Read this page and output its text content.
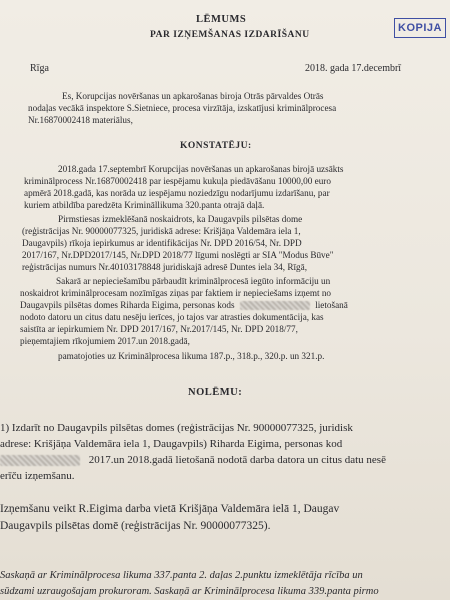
LĒMUMS
PAR IZŅEMŠANAS IZDARĪŠANU
KOPIJA
Rīga	2018. gada 17.decembrī
Es, Korupcijas novēršanas un apkarošanas biroja Otrās pārvaldes Otrās
nodaļas vecākā inspektore S.Sietniece, procesa virzītāja, izskatījusi kriminālprocesa
Nr.16870002418 materiālus,
KONSTATĒJU:
2018.gada 17.septembrī Korupcijas novēršanas un apkarošanas birojā uzsākts
kriminālprocess Nr.16870002418 par iespējamu kukuļa piedāvāšanu 10000,00 euro
apmērā 2018.gadā, kas norāda uz iespējamu noziedzīgu nodarījumu izdarīšanu, par
kuriem atbildība paredzēta Krimināllikuma 320.panta otrajā daļā.
Pirmstiesas izmeklēšanā noskaidrots, ka Daugavpils pilsētas dome
(reģistrācijas Nr. 90000077325, juridiskā adrese: Krišjāņa Valdemāra iela 1,
Daugavpils) rīkoja iepirkumus ar identifikācijas Nr. DPD 2016/54, Nr. DPD
2017/167, Nr.DPD2017/145, Nr.DPD 2018/77 līgumi noslēgti ar SIA "Modus Būve"
reģistrācijas numurs Nr.40103178848 juridiskajā adresē Duntes iela 34, Rīgā,
Sakarā ar nepieciešamību pārbaudīt kriminālprocesā iegūto informāciju un
noskaidrot kriminālprocesam nozīmīgas ziņas par faktiem ir nepieciešams izņemt no
Daugavpils pilsētas domes Riharda Eigima, personas kods	lietošanā
nodoto datoru un citus datu nesēju ierīces, jo tajos var atrasties dokumentācija, kas
saistīta ar iepirkumiem Nr. DPD 2017/167, Nr.2017/145, Nr. DPD 2018/77,
pieņemtajiem rīkojumiem 2017.un 2018.gadā,
pamatojoties uz Kriminālprocesa likuma 187.p., 318.p., 320.p. un 321.p.
NOLĒMU:
1) Izdarīt no Daugavpils pilsētas domes (reģistrācijas Nr. 90000077325, juridisk
adrese: Krišjāņa Valdemāra iela 1, Daugavpils) Riharda Eigima, personas kod
2017.un 2018.gadā lietošanā nodotā darba datora un citus datu nesē
erīču izņemšanu.
Izņemšanu veikt R.Eigima darba vietā Krišjāņa Valdemāra ielā 1, Daugav
Daugavpils pilsētas domē (reģistrācijas Nr. 90000077325).
Saskaņā ar Kriminālprocesa likuma 337.panta 2. daļas 2.punktu izmeklētāja rīcība un
sūdzami uzraugošajam prokuroram. Saskaņā ar Kriminālprocesa likuma 339.panta pirmo
